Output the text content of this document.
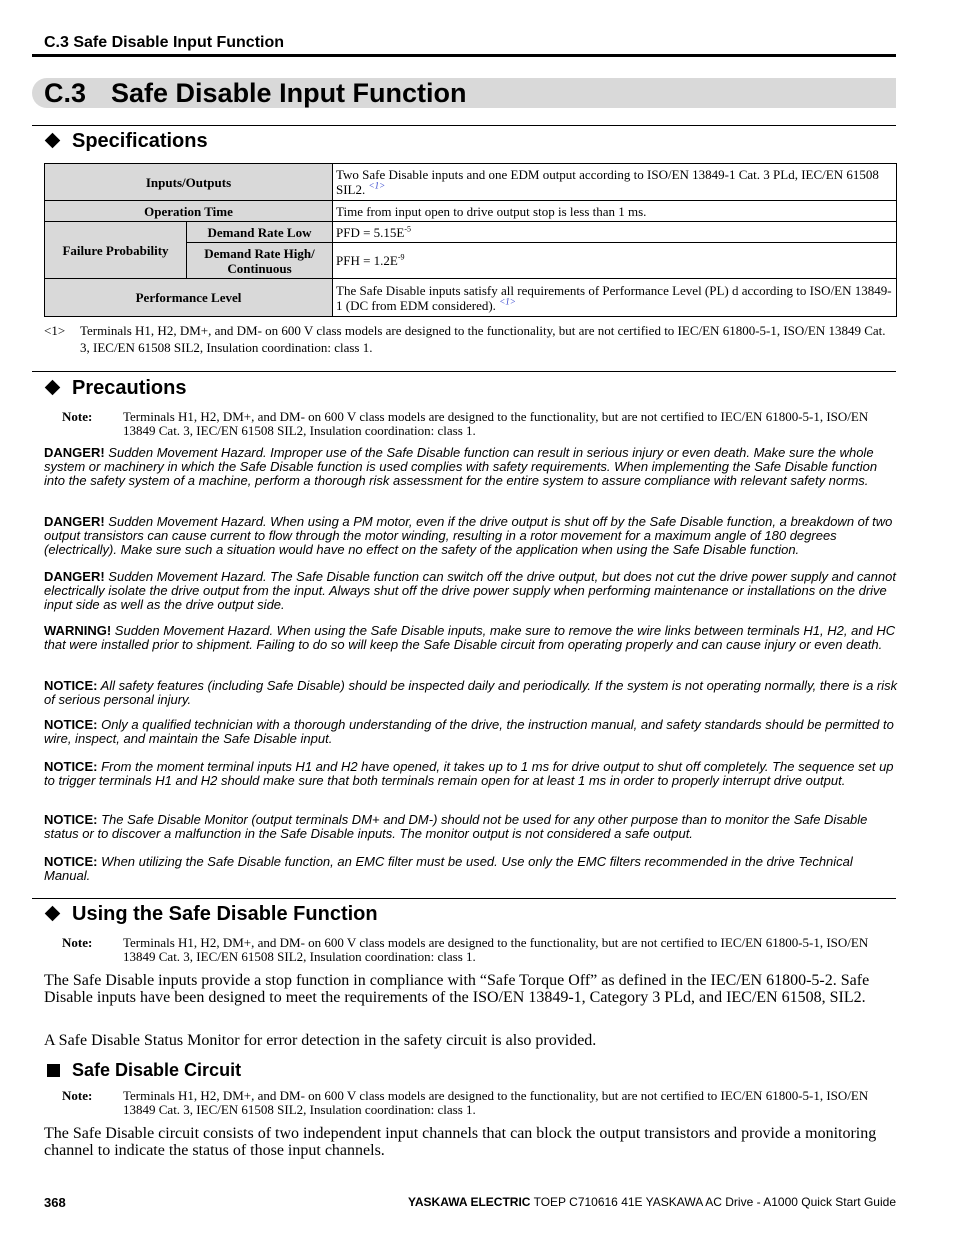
C.3 Safe Disable Input Function
C.3 Safe Disable Input Function
Specifications
Inputs/Outputs		Two Safe Disable inputs and one EDM output according to ISO/EN 13849-1 Cat. 3 PLd, IEC/EN 61508 SIL2. $^{<1>}$
Operation Time		Time from input open to drive output stop is less than 1 ms.
Failure Probability	Demand Rate Low	PFD = $5.15E^{-5}$
	Demand Rate High/ Continuous	PFH = $1.2E^{-9}$
Performance Level		The Safe Disable inputs satisfy all requirements of Performance Level (PL) d according to ISO/EN 13849-1 (DC from EDM considered). $^{<1>}$
<1> Terminals H1, H2, DM+, and DM- on 600 V class models are designed to the functionality, but are not certified to IEC/EN 61800-5-1, ISO/EN 13849 Cat. 3, IEC/EN 61508 SIL2, Insulation coordination: class 1.
Precautions
Note: Terminals H1, H2, DM+, and DM- on 600 V class models are designed to the functionality, but are not certified to IEC/EN 61800-5-1, ISO/EN 13849 Cat. 3, IEC/EN 61508 SIL2, Insulation coordination: class 1.
DANGER! Sudden Movement Hazard. Improper use of the Safe Disable function can result in serious injury or even death. Make sure the whole system or machinery in which the Safe Disable function is used complies with safety requirements. When implementing the Safe Disable function into the safety system of a machine, perform a thorough risk assessment for the entire system to assure compliance with relevant safety norms.
DANGER! Sudden Movement Hazard. When using a PM motor, even if the drive output is shut off by the Safe Disable function, a breakdown of two output transistors can cause current to flow through the motor winding, resulting in a rotor movement for a maximum angle of 180 degrees (electrically). Make sure such a situation would have no effect on the safety of the application when using the Safe Disable function.
DANGER! Sudden Movement Hazard. The Safe Disable function can switch off the drive output, but does not cut the drive power supply and cannot electrically isolate the drive output from the input. Always shut off the drive power supply when performing maintenance or installations on the drive input side as well as the drive output side.
WARNING! Sudden Movement Hazard. When using the Safe Disable inputs, make sure to remove the wire links between terminals H1, H2, and HC that were installed prior to shipment. Failing to do so will keep the Safe Disable circuit from operating properly and can cause injury or even death.
NOTICE: All safety features (including Safe Disable) should be inspected daily and periodically. If the system is not operating normally, there is a risk of serious personal injury.
NOTICE: Only a qualified technician with a thorough understanding of the drive, the instruction manual, and safety standards should be permitted to wire, inspect, and maintain the Safe Disable input.
NOTICE: From the moment terminal inputs H1 and H2 have opened, it takes up to 1 ms for drive output to shut off completely. The sequence set up to trigger terminals H1 and H2 should make sure that both terminals remain open for at least 1 ms in order to properly interrupt drive output.
NOTICE: The Safe Disable Monitor (output terminals DM+ and DM-) should not be used for any other purpose than to monitor the Safe Disable status or to discover a malfunction in the Safe Disable inputs. The monitor output is not considered a safe output.
NOTICE: When utilizing the Safe Disable function, an EMC filter must be used. Use only the EMC filters recommended in the drive Technical Manual.
Using the Safe Disable Function
Note: Terminals H1, H2, DM+, and DM- on 600 V class models are designed to the functionality, but are not certified to IEC/EN 61800-5-1, ISO/EN 13849 Cat. 3, IEC/EN 61508 SIL2, Insulation coordination: class 1.
The Safe Disable inputs provide a stop function in compliance with “Safe Torque Off” as defined in the IEC/EN 61800-5-2. Safe Disable inputs have been designed to meet the requirements of the ISO/EN 13849-1, Category 3 PLd, and IEC/EN 61508, SIL2.
A Safe Disable Status Monitor for error detection in the safety circuit is also provided.
Safe Disable Circuit
Note: Terminals H1, H2, DM+, and DM- on 600 V class models are designed to the functionality, but are not certified to IEC/EN 61800-5-1, ISO/EN 13849 Cat. 3, IEC/EN 61508 SIL2, Insulation coordination: class 1.
The Safe Disable circuit consists of two independent input channels that can block the output transistors and provide a monitoring channel to indicate the status of those input channels.
368	YASKAWA ELECTRIC TOEP C710616 41E YASKAWA AC Drive - A1000 Quick Start Guide
